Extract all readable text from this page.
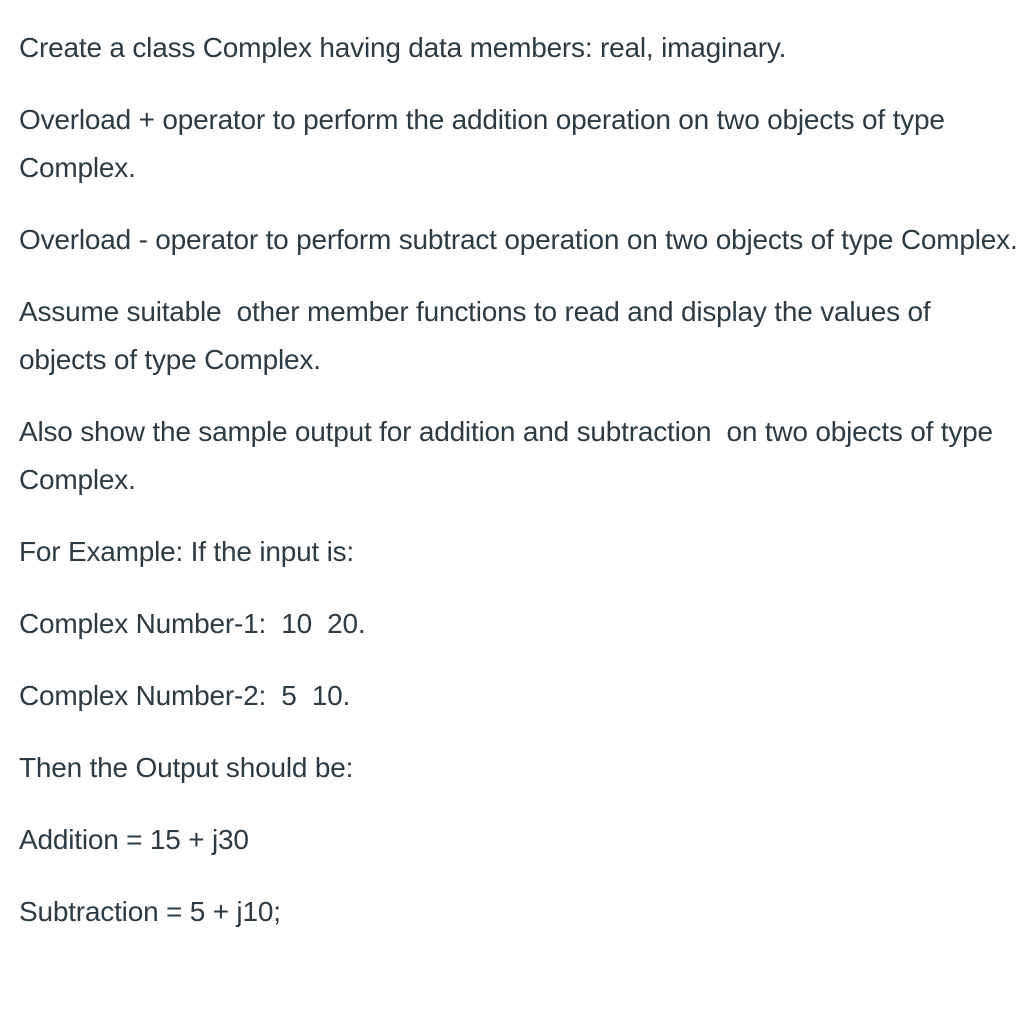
Create a class Complex having data members: real, imaginary.

Overload + operator to perform the addition operation on two objects of type Complex.

Overload - operator to perform subtract operation on two objects of type Complex.

Assume suitable  other member functions to read and display the values of objects of type Complex.

Also show the sample output for addition and subtraction  on two objects of type Complex.

For Example: If the input is:

Complex Number-1:  10  20.

Complex Number-2:  5  10.

Then the Output should be:

Addition = 15 + j30

Subtraction = 5 + j10;
